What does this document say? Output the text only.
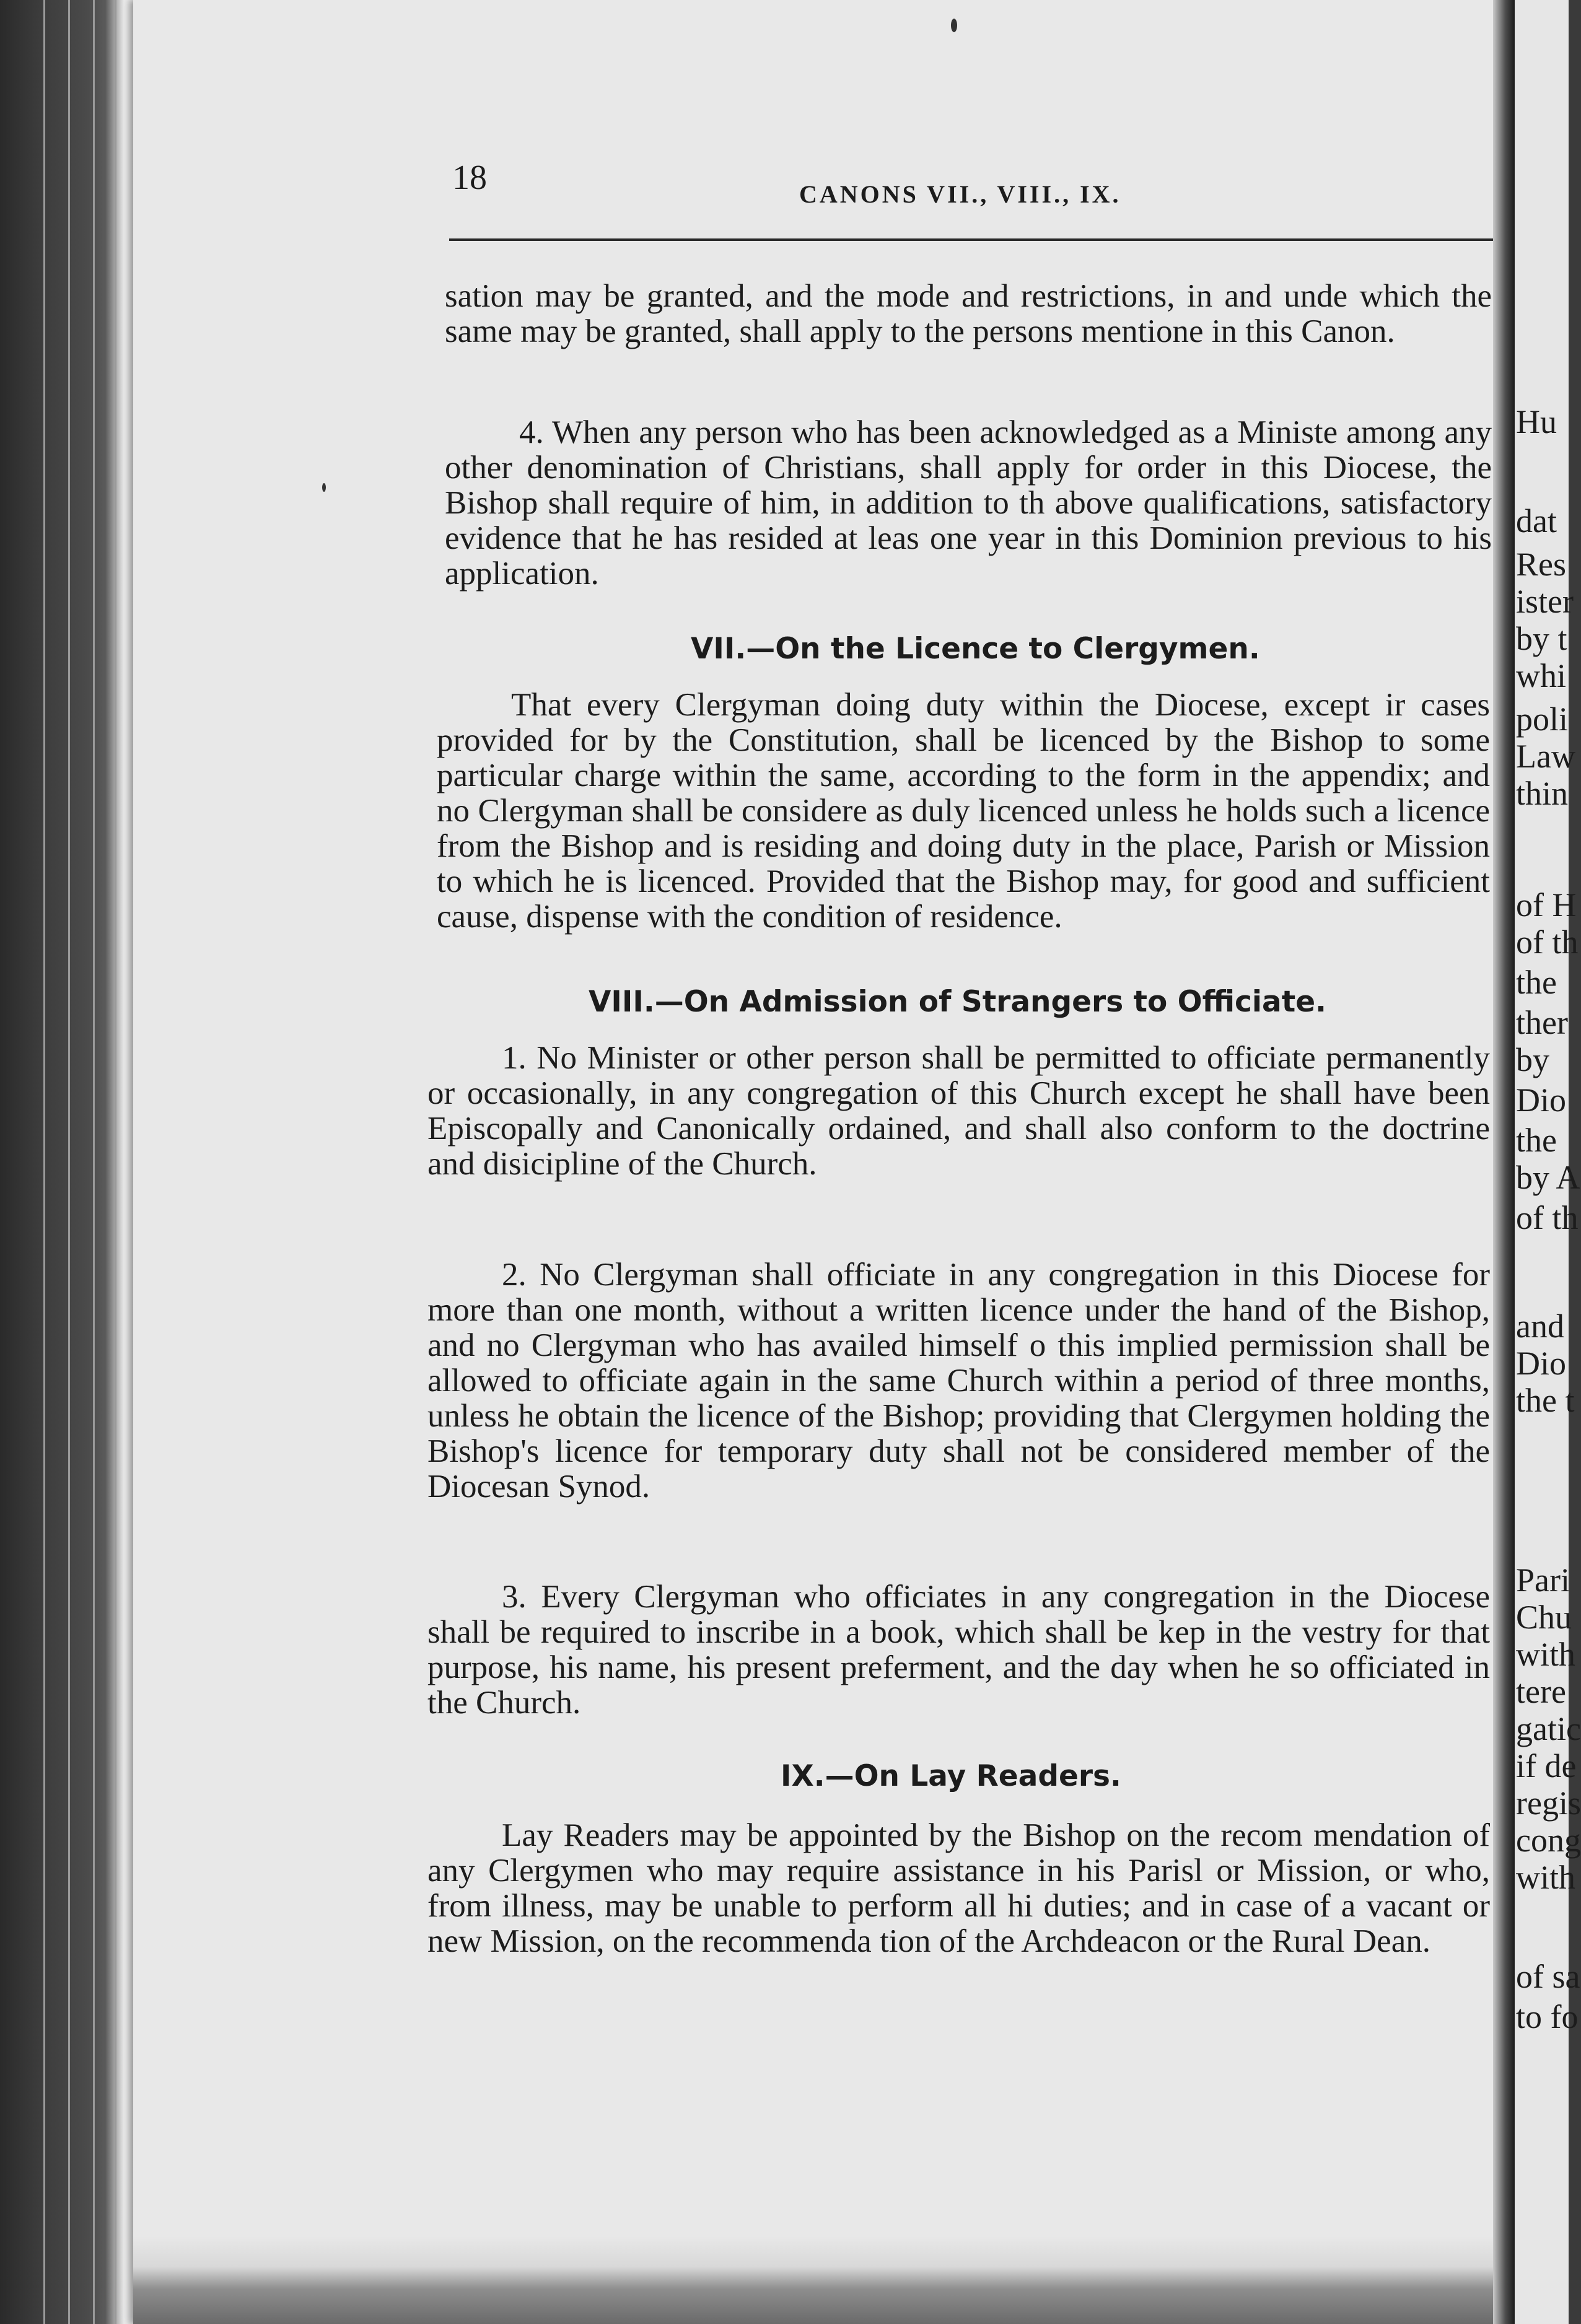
18	CANONS VII., VIII., IX.

sation may be granted, and the mode and restrictions, in and unde which the same may be granted, shall apply to the persons mentione in this Canon.

4. When any person who has been acknowledged as a Ministe among any other denomination of Christians, shall apply for order in this Diocese, the Bishop shall require of him, in addition to th above qualifications, satisfactory evidence that he has resided at leas one year in this Dominion previous to his application.

VII.—On the Licence to Clergymen.

That every Clergyman doing duty within the Diocese, except ir cases provided for by the Constitution, shall be licenced by the Bishop to some particular charge within the same, according to the form in the appendix; and no Clergyman shall be considere as duly licenced unless he holds such a licence from the Bishop and is residing and doing duty in the place, Parish or Mission to which he is licenced. Provided that the Bishop may, for good and sufficient cause, dispense with the condition of residence.

VIII.—On Admission of Strangers to Officiate.

1. No Minister or other person shall be permitted to officiate permanently or occasionally, in any congregation of this Church except he shall have been Episcopally and Canonically ordained, and shall also conform to the doctrine and disicipline of the Church.

2. No Clergyman shall officiate in any congregation in this Diocese for more than one month, without a written licence under the hand of the Bishop, and no Clergyman who has availed himself o this implied permission shall be allowed to officiate again in the same Church within a period of three months, unless he obtain the licence of the Bishop; providing that Clergymen holding the Bishop's licence for temporary duty shall not be considered member of the Diocesan Synod.

3. Every Clergyman who officiates in any congregation in the Diocese shall be required to inscribe in a book, which shall be kep in the vestry for that purpose, his name, his present preferment, and the day when he so officiated in the Church.

IX.—On Lay Readers.

Lay Readers may be appointed by the Bishop on the recom mendation of any Clergymen who may require assistance in his Parisl or Mission, or who, from illness, may be unable to perform all hi duties; and in case of a vacant or new Mission, on the recommenda tion of the Archdeacon or the Rural Dean.

Hu
dat
Res
ister
by t
whi
poli
Law
thin
of H
of th
the
ther
by
Dio
the
by A
of th
and
Dio
the t
Pari
Chu
with
tere
gatic
if de
regis
cong
with
of sa
to fo
